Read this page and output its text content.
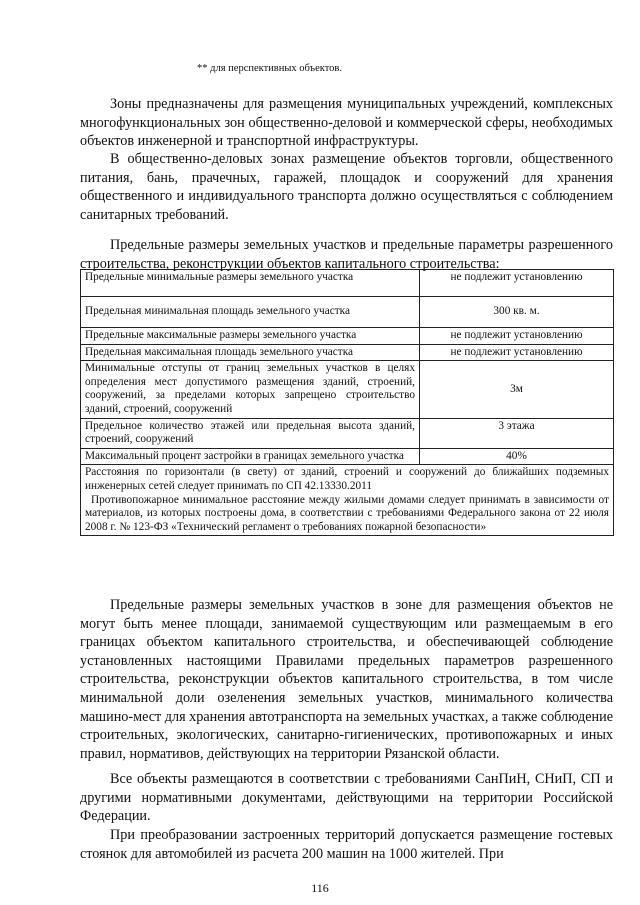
** для перспективных объектов.

Зоны предназначены для размещения муниципальных учреждений, комплексных многофункциональных зон общественно-деловой и коммерческой сферы, необходимых объектов инженерной и транспортной инфраструктуры.

В общественно-деловых зонах размещение объектов торговли, общественного питания, бань, прачечных, гаражей, площадок и сооружений для хранения общественного и индивидуального транспорта должно осуществляться с соблюдением санитарных требований.

Предельные размеры земельных участков и предельные параметры разрешенного строительства, реконструкции объектов капитального строительства:

Предельные минимальные размеры земельного участка	не подлежит установлению
Предельная минимальная площадь земельного участка	300 кв. м.
Предельные максимальные размеры земельного участка	не подлежит установлению
Предельная максимальная площадь земельного участка	не подлежит установлению
Минимальные отступы от границ земельных участков в целях определения мест допустимого размещения зданий, строений, сооружений, за пределами которых запрещено строительство зданий, строений, сооружений	3м
Предельное количество этажей или предельная высота зданий, строений, сооружений	3 этажа
Максимальный процент застройки в границах земельного участка	40%

Расстояния по горизонтали (в свету) от зданий, строений и сооружений до ближайших подземных инженерных сетей следует принимать по СП 42.13330.2011
Противопожарное минимальное расстояние между жилыми домами следует принимать в зависимости от материалов, из которых построены дома, в соответствии с требованиями Федерального закона от 22 июля 2008 г. № 123-ФЗ «Технический регламент о требованиях пожарной безопасности»	

Предельные размеры земельных участков в зоне для размещения объектов не могут быть менее площади, занимаемой существующим или размещаемым в его границах объектом капитального строительства, и обеспечивающей соблюдение установленных настоящими Правилами предельных параметров разрешенного строительства, реконструкции объектов капитального строительства, в том числе минимальной доли озеленения земельных участков, минимального количества машино-мест для хранения автотранспорта на земельных участках, а также соблюдение строительных, экологических, санитарно-гигиенических, противопожарных и иных правил, нормативов, действующих на территории Рязанской области.

Все объекты размещаются в соответствии с требованиями СанПиН, СНиП, СП и другими нормативными документами, действующими на территории Российской Федерации.

При преобразовании застроенных территорий допускается размещение гостевых стоянок для автомобилей из расчета 200 машин на 1000 жителей. При

116
